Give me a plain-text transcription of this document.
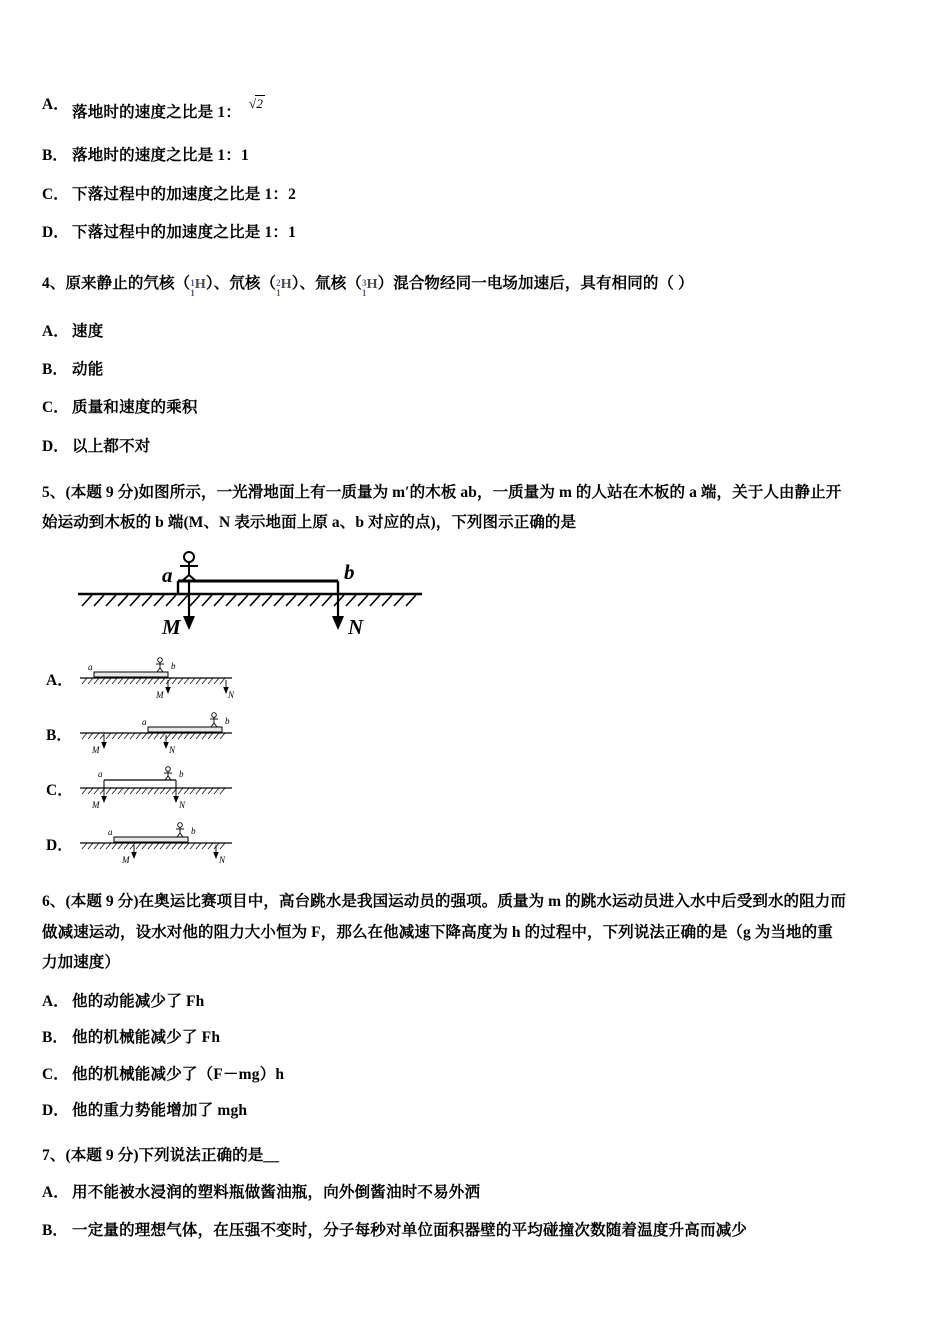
A． 落地时的速度之比是 1：√2
B． 落地时的速度之比是 1：1
C． 下落过程中的加速度之比是 1：2
D． 下落过程中的加速度之比是 1：1
4、原来静止的氕核（ 1
1
H）、氘核（ 2
1
H）、氚核（ 3
1
H）混合物经同一电场加速后，具有相同的（ ）
A． 速度
B． 动能
C． 质量和速度的乘积
D． 以上都不对
5、(本题 9 分)如图所示，一光滑地面上有一质量为 m′的木板 ab，一质量为 m 的人站在木板的 a 端，关于人由静止开
始运动到木板的 b 端(M、N 表示地面上原 a、b 对应的点)，下列图示正确的是
a	b
M	N
A．
a	b
M	N
B．
a	b
M	N
C．
a	b
M	N
D．
a	b
M	N
6、(本题 9 分)在奥运比赛项目中，高台跳水是我国运动员的强项。质量为 m 的跳水运动员进入水中后受到水的阻力而
做减速运动，设水对他的阻力大小恒为 F，那么在他减速下降高度为 h 的过程中，下列说法正确的是（g 为当地的重
力加速度）
A． 他的动能减少了 Fh
B． 他的机械能减少了 Fh
C． 他的机械能减少了（F－mg）h
D． 他的重力势能增加了 mgh
7、(本题 9 分)下列说法正确的是＿
A． 用不能被水浸润的塑料瓶做酱油瓶，向外倒酱油时不易外洒
B． 一定量的理想气体，在压强不变时，分子每秒对单位面积器壁的平均碰撞次数随着温度升高而减少
